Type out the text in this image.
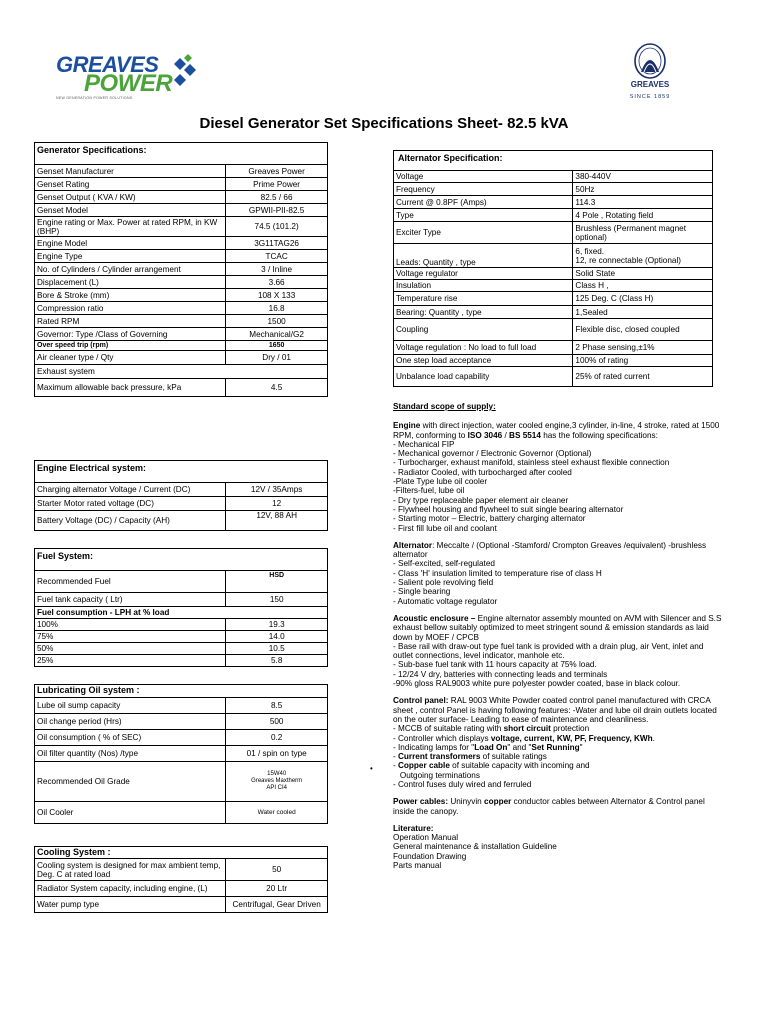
GREAVES
POWER
NEW GENERATION POWER SOLUTIONS
GREAVES
SINCE 1859
Diesel Generator Set Specifications Sheet- 82.5 kVA
Generator Specifications:	
Genset Manufacturer	Greaves Power
Genset Rating	Prime Power
Genset Output ( KVA / KW)	82.5 / 66
Genset Model	GPWII-PII-82.5
Engine rating or Max. Power at rated RPM, in KW (BHP)	74.5 (101.2)
Engine Model	3G11TAG26
Engine Type	TCAC
No. of Cylinders / Cylinder arrangement	3 / Inline
Displacement (L)	3.66
Bore & Stroke (mm)	108 X 133
Compression ratio	16.8
Rated RPM	1500
Governor: Type /Class of Governing	Mechanical/G2
Over speed trip (rpm)	1650
Air cleaner type / Qty	Dry / 01
Exhaust system	
Maximum allowable back pressure, kPa	4.5
Engine Electrical system:	
Charging alternator Voltage / Current (DC)	12V / 35Amps
Starter Motor rated voltage (DC)	12
Battery Voltage (DC) / Capacity (AH)	12V, 88 AH
Fuel System:	
Recommended Fuel	HSD
Fuel tank capacity ( Ltr)	150
Fuel consumption - LPH at % load	
100%	19.3
75%	14.0
50%	10.5
25%	5.8
Lubricating Oil system :	
Lube oil sump capacity	8.5
Oil change period (Hrs)	500
Oil consumption ( % of SEC)	0.2
Oil filter quantity (Nos) /type	01 / spin on type
Recommended Oil Grade	15W40
Greaves Maxtherm
API CI4
Oil Cooler	Water cooled
Cooling System :	
Cooling system is designed for max ambient temp, Deg. C at rated load	50
Radiator System capacity, including engine, (L)	20 Ltr
Water pump type	Centrifugal, Gear Driven
Alternator Specification:	
Voltage	380-440V
Frequency	50Hz
Current @ 0.8PF (Amps)	114.3
Type	4 Pole , Rotating field
Exciter Type	Brushless (Permanent magnet optional)
Leads: Quantity , type	6, fixed.
12, re connectable (Optional)
Voltage regulator	Solid State
Insulation	Class H ,
Temperature rise	125 Deg. C (Class H)
Bearing: Quantity , type	1,Sealed
Coupling	Flexible disc, closed coupled
Voltage regulation : No load to full load	2 Phase sensing,±1%
One step load acceptance	100% of rating
Unbalance load capability	25% of rated current

Standard scope of supply:

Engine with direct injection, water cooled engine,3 cylinder, in-line, 4 stroke, rated at 1500 RPM, conforming to ISO 3046 / BS 5514 has the following specifications:

- Mechanical FIP

- Mechanical governor / Electronic Governor (Optional)

- Turbocharger, exhaust manifold, stainless steel exhaust flexible connection

- Radiator Cooled, with turbocharged after cooled

-Plate Type lube oil cooler

-Filters-fuel, lube oil

- Dry type replaceable paper element air cleaner

- Flywheel housing and flywheel to suit single bearing alternator

- Starting motor – Electric, battery charging alternator

- First fill lube oil and coolant

Alternator: Meccalte / (Optional -Stamford/ Crompton Greaves /equivalent) -brushless alternator

- Self-excited, self-regulated

- Class 'H' insulation limited to temperature rise of class H

- Salient pole revolving field

- Single bearing

- Automatic voltage regulator

Acoustic enclosure – Engine alternator assembly mounted on AVM with Silencer and S.S exhaust bellow suitably optimized to meet stringent sound & emission standards as laid down by MOEF / CPCB

- Base rail with draw-out type fuel tank is provided with a drain plug, air Vent, inlet and outlet connections, level indicator, manhole etc.

- Sub-base fuel tank with 11 hours capacity at 75% load.

- 12/24 V dry, batteries with connecting leads and terminals

-90% gloss RAL9003 white pure polyester powder coated, base in black colour.

Control panel: RAL 9003 White Powder coated control panel manufactured with CRCA sheet , control Panel is having following features: -Water and lube oil drain outlets located on the outer surface- Leading to ease of maintenance and cleanliness.

- MCCB of suitable rating with short circuit protection

- Controller which displays voltage, current, KW, PF, Frequency, KWh.

- Indicating lamps for "Load On" and "Set Running"

- Current transformers of suitable ratings

- Copper cable of suitable capacity with incoming and

Outgoing terminations

- Control fuses duly wired and ferruled

Power cables: Uninyvin copper conductor cables between Alternator & Control panel inside the canopy.

Literature:

Operation Manual

General maintenance & installation Guideline

Foundation Drawing

Parts manual

•
